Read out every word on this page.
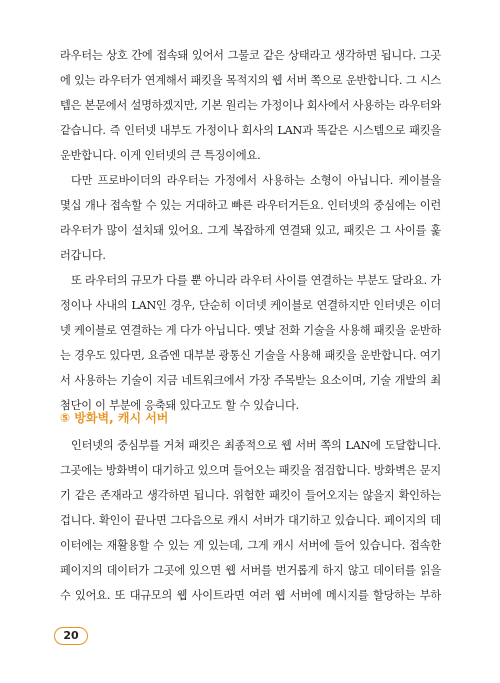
라우터는 상호 간에 접속돼 있어서 그물코 같은 상태라고 생각하면 됩니다. 그곳
에 있는 라우터가 연계해서 패킷을 목적지의 웹 서버 쪽으로 운반합니다. 그 시스
템은 본문에서 설명하겠지만, 기본 원리는 가정이나 회사에서 사용하는 라우터와
같습니다. 즉 인터넷 내부도 가정이나 회사의 LAN과 똑같은 시스템으로 패킷을
운반합니다. 이게 인터넷의 큰 특징이에요.
다만 프로바이더의 라우터는 가정에서 사용하는 소형이 아닙니다. 케이블을
몇십 개나 접속할 수 있는 거대하고 빠른 라우터거든요. 인터넷의 중심에는 이런
라우터가 많이 설치돼 있어요. 그게 복잡하게 연결돼 있고, 패킷은 그 사이를 훑
러갑니다.
또 라우터의 규모가 다를 뿐 아니라 라우터 사이를 연결하는 부분도 달라요. 가
정이나 사내의 LAN인 경우, 단순히 이더넷 케이블로 연결하지만 인터넷은 이더
넷 케이블로 연결하는 게 다가 아닙니다. 옛날 전화 기술을 사용해 패킷을 운반하
는 경우도 있다면, 요즘엔 대부분 광통신 기술을 사용해 패킷을 운반합니다. 여기
서 사용하는 기술이 지금 네트워크에서 가장 주목받는 요소이며, 기술 개발의 최
첨단이 이 부분에 응축돼 있다고도 할 수 있습니다.
⑤ 방화벽, 캐시 서버
인터넷의 중심부를 거쳐 패킷은 최종적으로 웹 서버 쪽의 LAN에 도달합니다.
그곳에는 방화벽이 대기하고 있으며 들어오는 패킷을 점검합니다. 방화벽은 문지
기 같은 존재라고 생각하면 됩니다. 위험한 패킷이 들어오지는 않을지 확인하는
겁니다. 확인이 끝나면 그다음으로 캐시 서버가 대기하고 있습니다. 페이지의 데
이터에는 재활용할 수 있는 게 있는데, 그게 캐시 서버에 들어 있습니다. 접속한
페이지의 데이터가 그곳에 있으면 웹 서버를 번거롭게 하지 않고 데이터를 읽을
수 있어요. 또 대규모의 웹 사이트라면 여러 웹 서버에 메시지를 할당하는 부하
20
